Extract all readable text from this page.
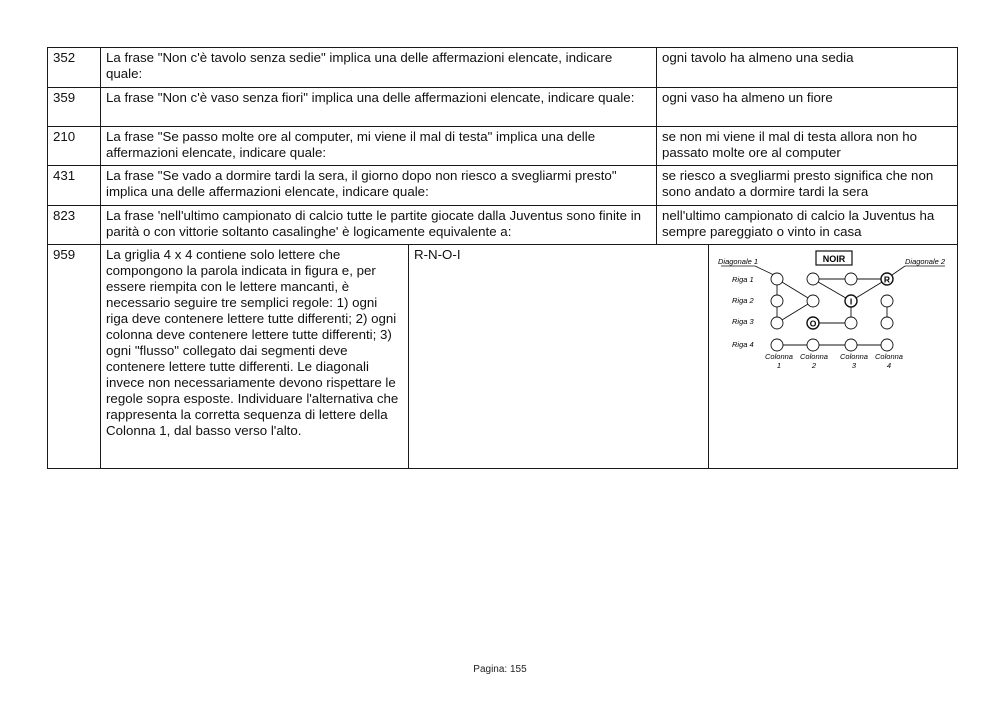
352	La frase "Non c'è tavolo senza sedie" implica una delle affermazioni elencate, indicare quale:	ogni tavolo ha almeno una sedia
359	La frase "Non c'è vaso senza fiori" implica una delle affermazioni elencate, indicare quale:	ogni vaso ha almeno un fiore
210	La frase "Se passo molte ore al computer, mi viene il mal di testa" implica una delle affermazioni elencate, indicare quale:	se non mi viene il mal di testa allora non ho passato molte ore al computer
431	La frase "Se vado a dormire tardi la sera, il giorno dopo non riesco a svegliarmi presto" implica una delle affermazioni elencate, indicare quale:	se riesco a svegliarmi presto significa che non sono andato a dormire tardi la sera
823	La frase 'nell'ultimo campionato di calcio tutte le partite giocate dalla Juventus sono finite in parità o con vittorie soltanto casalinghe' è logicamente equivalente a:	nell'ultimo campionato di calcio la Juventus ha sempre pareggiato o vinto in casa
959	La griglia 4 x 4 contiene solo lettere che compongono la parola indicata in figura e, per essere riempita con le lettere mancanti, è necessario seguire tre semplici regole: 1) ogni riga deve contenere lettere tutte differenti; 2) ogni colonna deve contenere lettere tutte differenti; 3) ogni "flusso" collegato dai segmenti deve contenere lettere tutte differenti. Le diagonali invece non necessariamente devono rispettare le regole sopra esposte. Individuare l'alternativa che rappresenta la corretta sequenza di lettere della Colonna 1, dal basso verso l'alto.	R-N-O-I	NOIR
Diagonale 1	Diagonale 2
Riga 1
Riga 2
Riga 3
Riga 4
R
I
O
Colonna
1
Colonna
2
Colonna
3
Colonna
4
Pagina: 155
